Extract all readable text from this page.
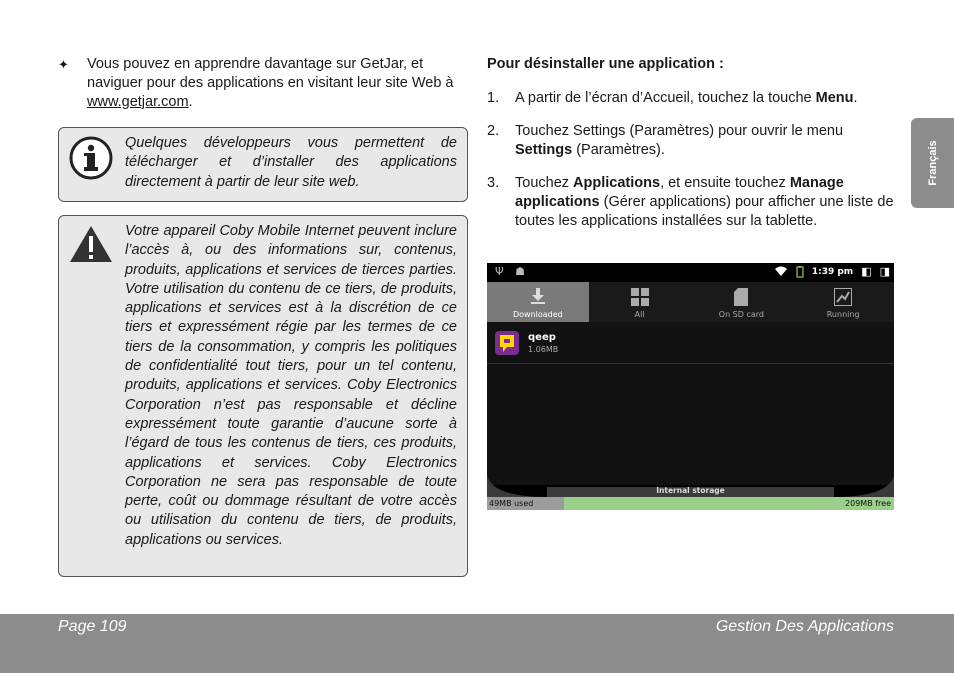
✦ Vous pouvez en apprendre davantage sur GetJar, et naviguer pour des applications en visitant leur site Web à www.getjar.com.
Quelques développeurs vous permettent de télécharger et d’installer des applications directement à partir de leur site web.
Votre appareil Coby Mobile Internet peuvent inclure l’accès à, ou des informations sur, contenus, produits, applications et services de tierces parties. Votre utilisation du contenu de ce tiers, de produits, applications et services est à la discrétion de ce tiers et expressément régie par les termes de ce tiers de la consommation, y compris les politiques de confidentialité tout tiers, pour un tel contenu, produits, applications et services. Coby Electronics Corporation n’est pas responsable et décline expressément toute garantie d’aucune sorte à l’égard de tous les contenus de tiers, ces produits, applications et services. Coby Electronics Corporation ne sera pas responsable de toute perte, coût ou dommage résultant de votre accès ou utilisation du contenu de tiers, de produits, applications ou services.
Pour désinstaller une application :
1. A partir de l’écran d’Accueil, touchez la touche Menu.
2. Touchez Settings (Paramètres) pour ouvrir le menu Settings (Paramètres).
3. Touchez Applications, et ensuite touchez Manage applications (Gérer applications) pour afficher une liste de toutes les applications installées sur la tablette.
Français
Ψ ☗	1:39 pm ◧ ◨
Downloaded	All	On SD card	Running
qeep
1.06MB
Internal storage
49MB used	209MB free
Page 109	Gestion Des Applications
